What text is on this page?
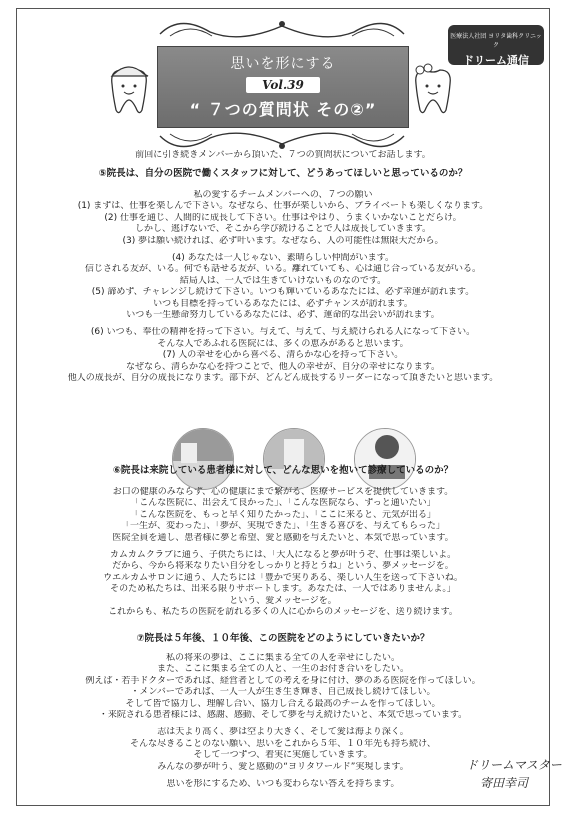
思いを形にする
Vol.39
“ ７つの質問状 その②”
医療法人社団 ヨリタ歯科クリニック
ドリーム通信
前回に引き続きメンバーから頂いた、７つの質問状についてお話します。
⑤院長は、自分の医院で働くスタッフに対して、どうあってほしいと思っているのか？
私の愛するチームメンバーへの、７つの願い
(1) まずは、仕事を楽しんで下さい。なぜなら、仕事が楽しいから、プライベートも楽しくなります。
(2) 仕事を通じ、人間的に成長して下さい。仕事はやはり、うまくいかないことだらけ。
しかし、逃げないで、そこから学び続けることで人は成長していきます。
(3) 夢は願い続ければ、必ず叶います。なぜなら、人の可能性は無限大だから。
(4) あなたは一人じゃない、素晴らしい仲間がいます。
信じされる友が、いる。何でも話せる友が、いる。離れていても、心は通じ合っている友がいる。
結局人は、一人では生きていけないものなのです。
(5) 諦めず、チャレンジし続けて下さい。いつも輝いているあなたには、必ず幸運が訪れます。
いつも目標を持っているあなたには、必ずチャンスが訪れます。
いつも一生懸命努力しているあなたには、必ず、運命的な出会いが訪れます。
(6) いつも、奉仕の精神を持って下さい。与えて、与えて、与え続けられる人になって下さい。
そんな人であふれる医院には、多くの恵みがあると思います。
(7) 人の幸せを心から喜べる、清らかな心を持って下さい。
なぜなら、清らかな心を持つことで、他人の幸せが、自分の幸せになります。
他人の成長が、自分の成長になります。部下が、どんどん成長するリーダーになって頂きたいと思います。
⑥院長は来院している患者様に対して、どんな思いを抱いて診療しているのか？
お口の健康のみならず、心の健康にまで繋がる、医療サービスを提供していきます。
「こんな医院に、出会えて良かった」、「こんな医院なら、ずっと通いたい」
「こんな医院を、もっと早く知りたかった」、「ここに来ると、元気が出る」
「一生が、変わった」、「夢が、実現できた」、「生きる喜びを、与えてもらった」
医院全員を通し、患者様に夢と希望、愛と感動を与えたいと、本気で思っています。
カムカムクラブに通う、子供たちには、「大人になると夢が叶うぞ、仕事は楽しいよ。
だから、今から将来なりたい自分をしっかりと持とうね」という、夢メッセージを。
ウエルカムサロンに通う、人たちには「豊かで実りある、楽しい人生を送って下さいね。
そのため私たちは、出来る限りサポートします。あなたは、一人ではありませんよ。」
という、愛メッセージを。
これからも、私たちの医院を訪れる多くの人に心からのメッセージを、送り続けます。
⑦院長は５年後、１０年後、この医院をどのようにしていきたいか？
私の将来の夢は、ここに集まる全ての人を幸せにしたい。
また、ここに集まる全ての人と、一生のお付き合いをしたい。
例えば・若手ドクターであれば、経営者としての考えを身に付け、夢のある医院を作ってほしい。
・メンバーであれば、一人一人が生き生き輝き、自己成長し続けてほしい。
そして皆で協力し、理解し合い、協力し合える最高のチームを作ってほしい。
・来院される患者様には、感謝、感動、そして夢を与え続けたいと、本気で思っています。
志は天より高く、夢は空より大きく、そして愛は海より深く。
そんな尽きることのない願い、思いをこれから５年、１０年先も持ち続け、
そして一つずつ、着実に実施していきます。
みんなの夢が叶う、愛と感動の“ヨリタワールド”実現します。
思いを形にするため、いつも変わらない答えを持ちます。
ドリームマスター
寄田幸司
